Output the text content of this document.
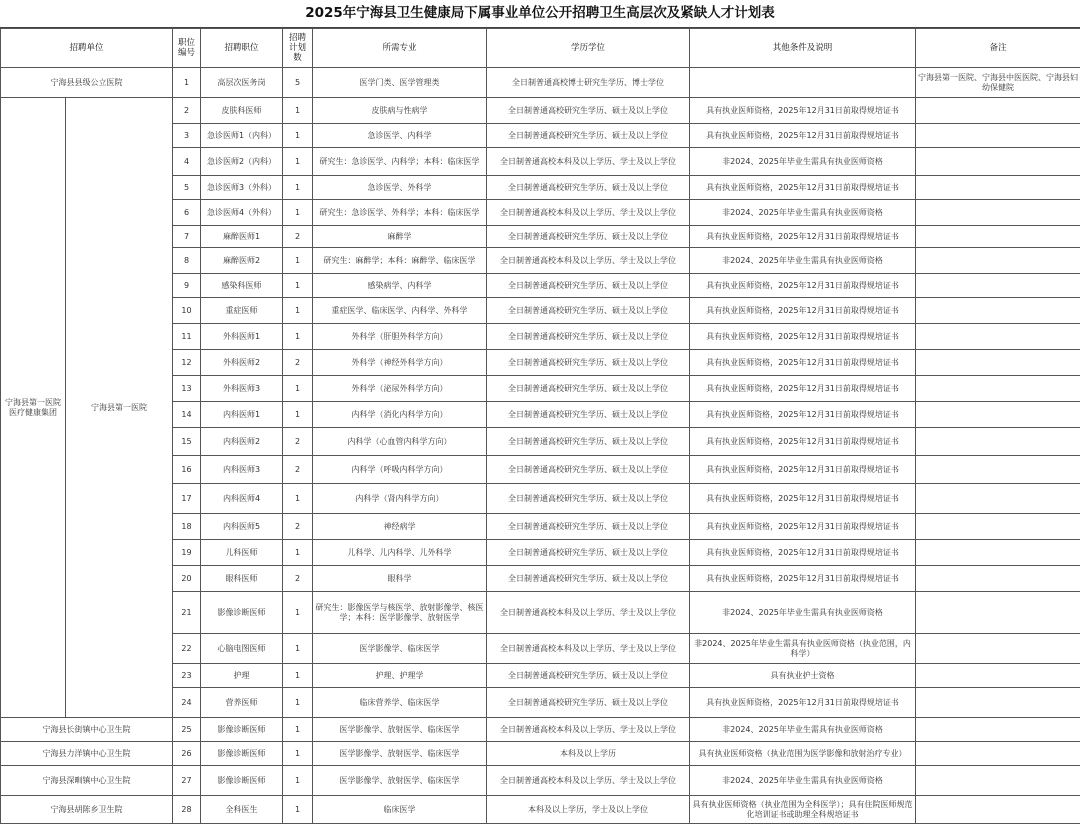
2025年宁海县卫生健康局下属事业单位公开招聘卫生高层次及紧缺人才计划表
招聘单位		职位编号	招聘职位	招聘计划数	所需专业	学历学位	其他条件及说明	备注
宁海县县级公立医院		1	高层次医务岗	5	医学门类、医学管理类	全日制普通高校博士研究生学历、博士学位		宁海县第一医院、宁海县中医医院、宁海县妇幼保健院
宁海县第一医院医疗健康集团	宁海县第一医院	2	皮肤科医师	1	皮肤病与性病学	全日制普通高校研究生学历、硕士及以上学位	具有执业医师资格，2025年12月31日前取得规培证书	
		3	急诊医师1（内科）	1	急诊医学、内科学	全日制普通高校研究生学历、硕士及以上学位	具有执业医师资格，2025年12月31日前取得规培证书	
		4	急诊医师2（内科）	1	研究生：急诊医学、内科学；本科：临床医学	全日制普通高校本科及以上学历、学士及以上学位	非2024、2025年毕业生需具有执业医师资格	
		5	急诊医师3（外科）	1	急诊医学、外科学	全日制普通高校研究生学历、硕士及以上学位	具有执业医师资格，2025年12月31日前取得规培证书	
		6	急诊医师4（外科）	1	研究生：急诊医学、外科学；本科：临床医学	全日制普通高校本科及以上学历、学士及以上学位	非2024、2025年毕业生需具有执业医师资格	
		7	麻醉医师1	2	麻醉学	全日制普通高校研究生学历、硕士及以上学位	具有执业医师资格，2025年12月31日前取得规培证书	
		8	麻醉医师2	1	研究生：麻醉学；本科：麻醉学、临床医学	全日制普通高校本科及以上学历、学士及以上学位	非2024、2025年毕业生需具有执业医师资格	
		9	感染科医师	1	感染病学、内科学	全日制普通高校研究生学历、硕士及以上学位	具有执业医师资格，2025年12月31日前取得规培证书	
		10	重症医师	1	重症医学、临床医学、内科学、外科学	全日制普通高校研究生学历、硕士及以上学位	具有执业医师资格，2025年12月31日前取得规培证书	
		11	外科医师1	1	外科学（肝胆外科学方向）	全日制普通高校研究生学历、硕士及以上学位	具有执业医师资格，2025年12月31日前取得规培证书	
		12	外科医师2	2	外科学（神经外科学方向）	全日制普通高校研究生学历、硕士及以上学位	具有执业医师资格，2025年12月31日前取得规培证书	
		13	外科医师3	1	外科学（泌尿外科学方向）	全日制普通高校研究生学历、硕士及以上学位	具有执业医师资格，2025年12月31日前取得规培证书	
		14	内科医师1	1	内科学（消化内科学方向）	全日制普通高校研究生学历、硕士及以上学位	具有执业医师资格，2025年12月31日前取得规培证书	
		15	内科医师2	2	内科学（心血管内科学方向）	全日制普通高校研究生学历、硕士及以上学位	具有执业医师资格，2025年12月31日前取得规培证书	
		16	内科医师3	2	内科学（呼吸内科学方向）	全日制普通高校研究生学历、硕士及以上学位	具有执业医师资格，2025年12月31日前取得规培证书	
		17	内科医师4	1	内科学（肾内科学方向）	全日制普通高校研究生学历、硕士及以上学位	具有执业医师资格，2025年12月31日前取得规培证书	
		18	内科医师5	2	神经病学	全日制普通高校研究生学历、硕士及以上学位	具有执业医师资格，2025年12月31日前取得规培证书	
		19	儿科医师	1	儿科学、儿内科学、儿外科学	全日制普通高校研究生学历、硕士及以上学位	具有执业医师资格，2025年12月31日前取得规培证书	
		20	眼科医师	2	眼科学	全日制普通高校研究生学历、硕士及以上学位	具有执业医师资格，2025年12月31日前取得规培证书	
		21	影像诊断医师	1	研究生：影像医学与核医学、放射影像学、核医学；本科：医学影像学、放射医学	全日制普通高校本科及以上学历、学士及以上学位	非2024、2025年毕业生需具有执业医师资格	
		22	心脑电图医师	1	医学影像学、临床医学	全日制普通高校本科及以上学历、学士及以上学位	非2024、2025年毕业生需具有执业医师资格（执业范围，内科学）	
		23	护理	1	护理、护理学	全日制普通高校研究生学历、硕士及以上学位	具有执业护士资格	
		24	营养医师	1	临床营养学、临床医学	全日制普通高校研究生学历、硕士及以上学位	具有执业医师资格，2025年12月31日前取得规培证书	
宁海县长街镇中心卫生院		25	影像诊断医师	1	医学影像学、放射医学、临床医学	全日制普通高校本科及以上学历、学士及以上学位	非2024、2025年毕业生需具有执业医师资格	
宁海县力洋镇中心卫生院		26	影像诊断医师	1	医学影像学、放射医学、临床医学	本科及以上学历	具有执业医师资格（执业范围为医学影像和放射治疗专业）	
宁海县深甽镇中心卫生院		27	影像诊断医师	1	医学影像学、放射医学、临床医学	全日制普通高校本科及以上学历、学士及以上学位	非2024、2025年毕业生需具有执业医师资格	
宁海县胡陈乡卫生院		28	全科医生	1	临床医学	本科及以上学历，学士及以上学位	具有执业医师资格（执业范围为全科医学）；具有住院医师规范化培训证书或助理全科规培证书	
